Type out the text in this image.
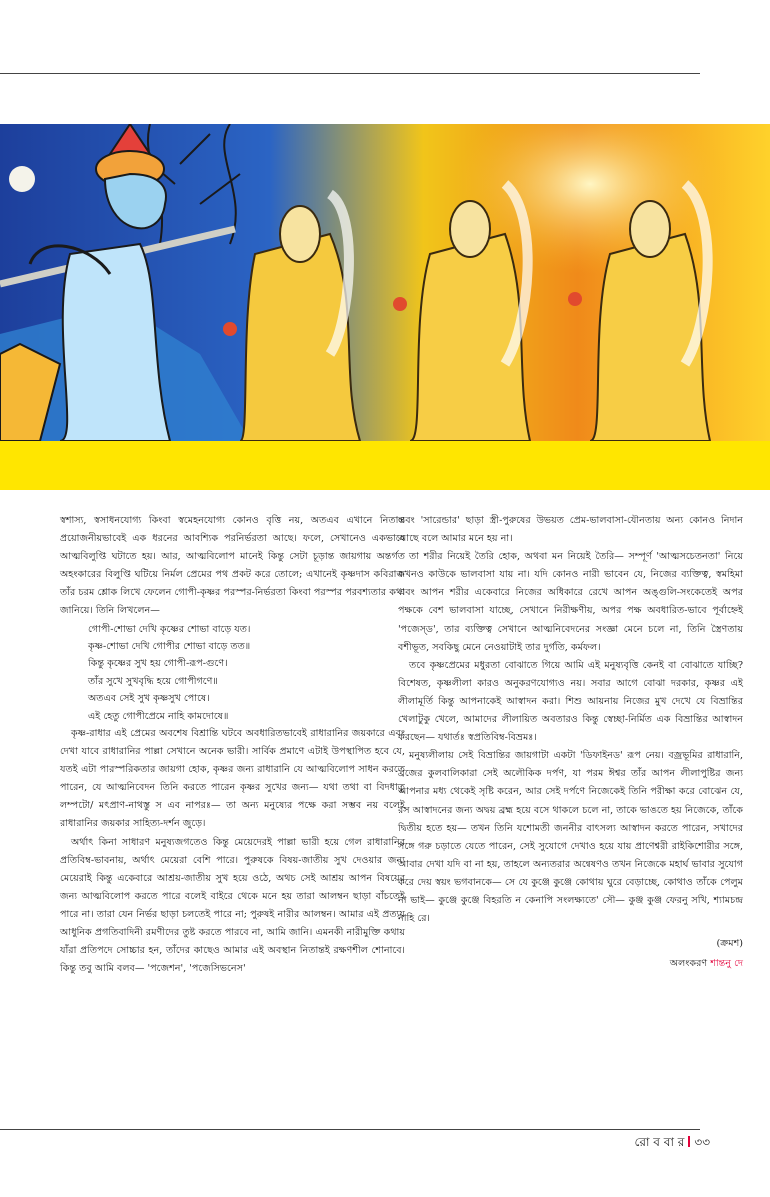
স্বশাস্য, স্বসাধনযোগ্য কিংবা স্বমেহনযোগ্য কোনও বৃত্তি নয়, অতএব এখানে নিতান্ত প্রয়োজনীয়ভাবেই এক ধরনের আবশ্যিক পরনির্ভরতা আছে। ফলে, সেখানেও একভাবে আত্মবিলুপ্তি ঘটাতে হয়। আর, আত্মবিলোপ মানেই কিন্তু সেটা চূড়ান্ত জায়গায় অন্তর্গত অহংকারের বিলুপ্তি ঘটিয়ে নির্মল প্রেমের পথ প্রকট করে তোলে; এখানেই কৃষ্ণদাস কবিরাজ তাঁর চরম শ্লোক লিখে ফেলেন গোপী-কৃষ্ণর পরস্পর-নির্ভরতা কিংবা পরস্পর পরবশ্যতার কথা জানিয়ে। তিনি লিখলেন—

গোপী-শোভা দেখি কৃষ্ণের শোভা বাড়ে যত।
কৃষ্ণ-শোভা দেখি গোপীর শোভা বাড়ে তত॥
কিন্তু কৃষ্ণের সুখ হয় গোপী-রূপ-গুণে।
তাঁর সুখে সুখবৃদ্ধি হয়ে গোপীগণে॥
অতএব সেই সুখ কৃষ্ণসুখ পোষে।
এই হেতু গোপীপ্রেমে নাহি কামদোষে॥

কৃষ্ণ-রাধার এই প্রেমের অবশেষ বিশ্রান্তি ঘটবে অবধারিতভাবেই রাধারানির জয়কারে এবং দেখা যাবে রাধারানির পাল্লা সেখানে অনেক ভারী। সার্বিক প্রমাণে এটাই উপস্থাপিত হবে যে, যতই এটা পারস্পরিকতার জায়গা হোক, কৃষ্ণর জন্য রাধারানি যে আত্মবিলোপ সাধন করতে পারেন, যে আত্মনিবেদন তিনি করতে পারেন কৃষ্ণর সুখের জন্য— যথা তথা বা বিদধাতু লম্পটো/ মৎপ্রাণ-নাথস্তু স এব নাপরঃ— তা অন্য মনুষ্যের পক্ষে করা সম্ভব নয় বলেই রাধারানির জয়কার সাহিত্য-দর্শন জুড়ে।

অর্থাৎ কিনা সাধারণ মনুষ্যজগতেও কিন্তু মেয়েদেরই পাল্লা ভারী হয়ে গেল রাধারানির প্রতিবিম্ব-ভাবনায়, অর্থাৎ মেয়েরা বেশি পারে। পুরুষকে বিষয়-জাতীয় সুখ দেওয়ার জন্য মেয়েরাই কিন্তু একেবারে আশ্রয়-জাতীয় সুখ হয়ে ওঠে, অথচ সেই আশ্রয় আপন বিষয়ের জন্য আত্মবিলোপ করতে পারে বলেই বাইরে থেকে মনে হয় তারা আলম্বন ছাড়া বাঁচতেই পারে না। তারা যেন নির্ভর ছাড়া চলতেই পারে না; পুরুষই নারীর আলম্বন। আমার এই প্রত্যয় আধুনিক প্রগতিবাদিনী রমণীদের তুষ্ট করতে পারবে না, আমি জানি। এমনকী নারীমুক্তি কথায় যাঁরা প্রতিপদে সোচ্চার হন, তাঁদের কাছেও আমার এই অবস্থান নিতান্তই রক্ষণশীল শোনাবে। কিন্তু তবু আমি বলব— 'পজেশন', 'পজেসিভনেস'

এবং 'সারেন্ডার' ছাড়া স্ত্রী-পুরুষের উভয়ত প্রেম-ভালবাসা-যৌনতায় অন্য কোনও নিদান আছে বলে আমার মনে হয় না।

তা শরীর নিয়েই তৈরি হোক, অথবা মন নিয়েই তৈরি— সম্পূর্ণ 'আত্মসচেতনতা' নিয়ে কখনও কাউকে ভালবাসা যায় না। যদি কোনও নারী ভাবেন যে, নিজের ব্যক্তিত্ব, স্বমহিমা এবং আপন শরীর একেবারে নিজের অধিকারে রেখে আপন অঙ্গুলি-সংকেতেই অপর পক্ষকে বেশ ভালবাসা যাচ্ছে, সেখানে নিরীক্ষণীয়, অপর পক্ষ অবধারিত-ভাবে পূর্বাহ্নেই 'পজেস্ড', তার ব্যক্তিত্ব সেখানে আত্মনিবেদনের সংজ্ঞা মেনে চলে না, তিনি স্ত্রৈণতায় বশীভূত, সবকিছু মেনে নেওয়াটাই তার দুর্গতি, কর্মফল।

তবে কৃষ্ণপ্রেমের মধুরতা বোঝাতে গিয়ে আমি এই মনুষ্যবৃত্তি কেনই বা বোঝাতে যাচ্ছি? বিশেষত, কৃষ্ণলীলা কারও অনুকরণযোগ্যও নয়। সবার আগে বোঝা দরকার, কৃষ্ণর এই লীলামূর্তি কিন্তু আপনাকেই আস্বাদন করা। শিশু আয়নায় নিজের মুখ দেখে যে বিভ্রান্তির খেলাটুকু খেলে, আমাদের লীলায়িত অবতারও কিন্তু স্বেচ্ছা-নির্মিত এক বিভ্রান্তির আস্বাদন করছেন— যথার্তঃ স্বপ্রতিবিম্ব-বিভ্রমঃ।

মনুষ্যলীলায় সেই বিভ্রান্তির জায়গাটা একটা 'ডিফাইনড' রূপ নেয়। বজ্রভূমির রাধারানি, ব্রজের কুলবালিকারা সেই অলৌকিক দর্পণ, যা পরম ঈশ্বর তাঁর আপন লীলাপুষ্টির জন্য আপনার মধ্য থেকেই সৃষ্টি করেন, আর সেই দর্পণে নিজেকেই তিনি পরীক্ষা করে বোঝেন যে, রস আস্বাদনের জন্য অদ্বয় ব্রহ্ম হয়ে বসে থাকলে চলে না, তাকে ভাঙতে হয় নিজেকে, তাঁকে দ্বিতীয় হতে হয়— তখন তিনি যশোমতী জননীর বাৎসল্য আস্বাদন করতে পারেন, সখাদের সঙ্গে গরু চড়াতে যেতে পারেন, সেই সুযোগে দেখাও হয়ে যায় প্রাণেশ্বরী রাইকিশোরীর সঙ্গে, আবার দেখা যদি বা না হয়, তাহলে অন্যতরার অন্বেষণও তখন নিজেকে মহার্ঘ ভাবার সুযোগ করে দেয় স্বয়ং ভগবানকে— সে যে কুঞ্জে কুঞ্জে কোথায় ঘুরে বেড়াচ্ছে, কোথাও তাঁকে পেলুম না ভাই— কুঞ্জে কুঞ্জে বিহরতি ন কেনাপি সংলক্ষ্যতে' সৌ— কুঞ্জ কুঞ্জ ফেরনু সখি, শ্যামচন্দ্র নাহি রে।

(ক্রমশ)
অলংকরণ শান্তনু দে
রো ব বা র ৩৩
